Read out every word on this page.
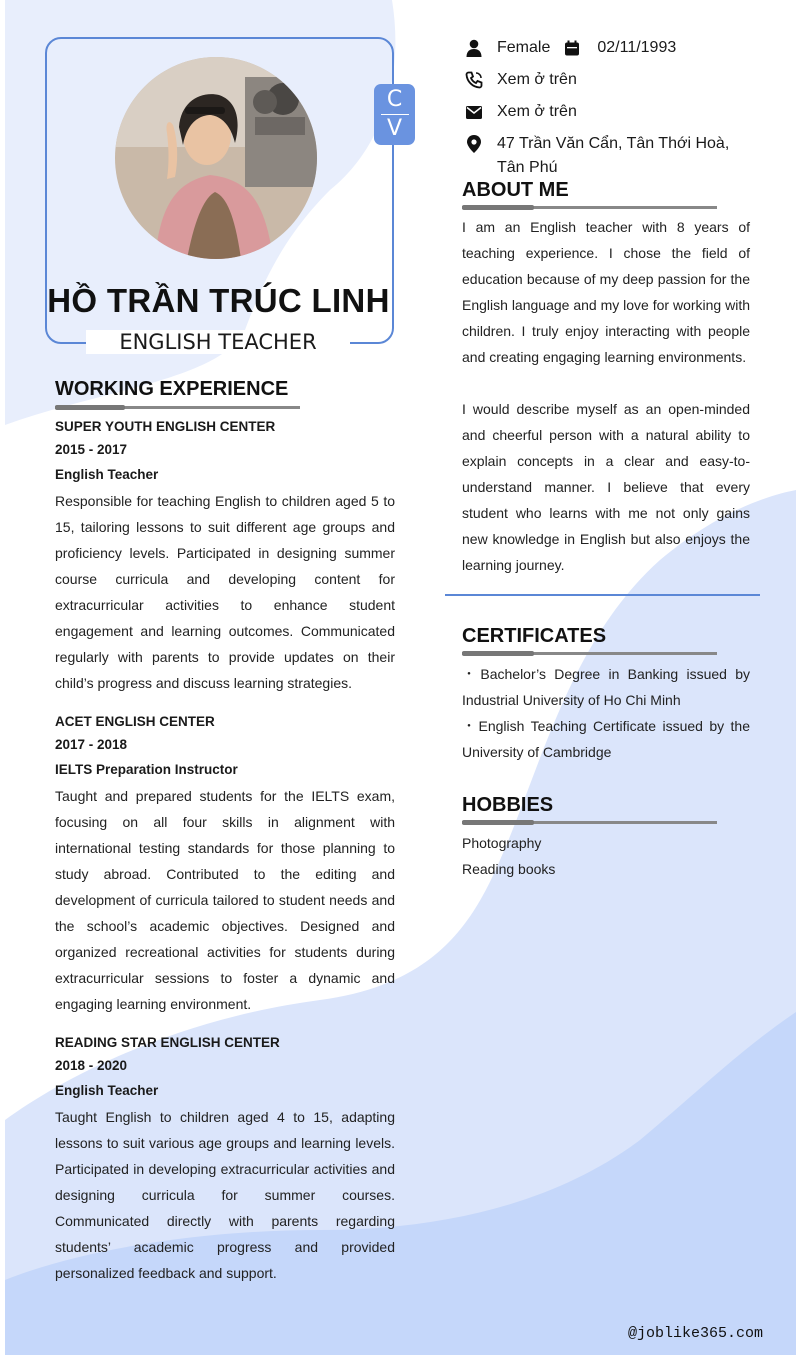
C
V
HỒ TRẦN TRÚC LINH
ENGLISH TEACHER
WORKING EXPERIENCE
SUPER YOUTH ENGLISH CENTER
2015 - 2017
English Teacher
Responsible for teaching English to children aged 5 to 15, tailoring lessons to suit different age groups and proficiency levels. Participated in designing summer course curricula and developing content for extracurricular activities to enhance student engagement and learning outcomes. Communicated regularly with parents to provide updates on their child’s progress and discuss learning strategies.
ACET ENGLISH CENTER
2017 - 2018
IELTS Preparation Instructor
Taught and prepared students for the IELTS exam, focusing on all four skills in alignment with international testing standards for those planning to study abroad. Contributed to the editing and development of curricula tailored to student needs and the school’s academic objectives. Designed and organized recreational activities for students during extracurricular sessions to foster a dynamic and engaging learning environment.
READING STAR ENGLISH CENTER
2018 - 2020
English Teacher
Taught English to children aged 4 to 15, adapting lessons to suit various age groups and learning levels. Participated in developing extracurricular activities and designing curricula for summer courses. Communicated directly with parents regarding students’ academic progress and provided personalized feedback and support.
Female	02/11/1993
Xem ở trên
Xem ở trên
47 Trần Văn Cẩn, Tân Thới Hoà,
Tân Phú
ABOUT ME

I am an English teacher with 8 years of teaching experience. I chose the field of education because of my deep passion for the English language and my love for working with children. I truly enjoy interacting with people and creating engaging learning environments.

I would describe myself as an open-minded and cheerful person with a natural ability to explain concepts in a clear and easy-to-understand manner. I believe that every student who learns with me not only gains new knowledge in English but also enjoys the learning journey.

CERTIFICATES
・Bachelor’s Degree in Banking issued by Industrial University of Ho Chi Minh
・English Teaching Certificate issued by the University of Cambridge
HOBBIES
Photography
Reading books
@joblike365.com
